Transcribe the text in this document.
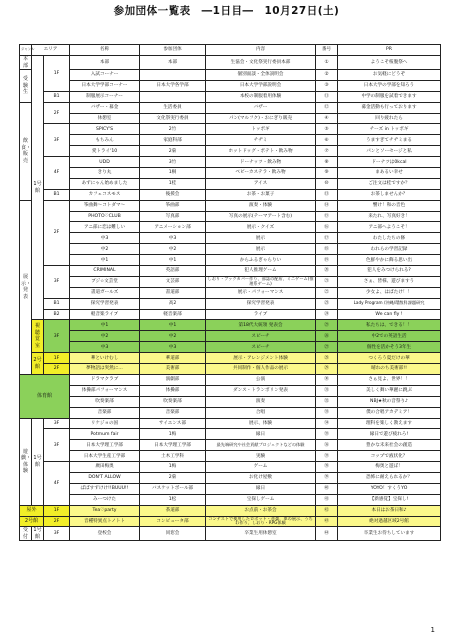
参加団体一覧表　―1日目―　10月27日(土)
ジャンル	エリア		名称	参加団体	内容	番号	PR
本部	1号館	1F	本部	本部	生協会・文化祭実行委員本部	①	ようこそ桜腹祭へ
受験生			入試コーナー		個別面談・全体説明会	②	お気軽にどうぞ
			日本大学学部コーナー	日本大学各学部	日本大学学部説明会	③	日本大学の学部を知ろう
		B1	制服展示コーナー		本校の制服着用体験	⑪	中学の制服を試着できます
飲食・販売		2F	バザー・募金	生活委員	バザー	⑫	募金活動も行っております
			休憩室	文化祭実行委員	パン(マルフク)・おにぎり販売	④	回り疲れたら
		3F	SPICY'S	2竹	トッポギ	⑤	チーズ in トッポギ
			もちみん	家庭科部	チヂミ	⑥	うますぎてチヂミまる
			愛トライ'10	2菊	ホットドッグ・ポテト・飲み物	⑦	パンとソーセージと私
		4F	UDD	3竹	ドーナッツ・飲み物	⑧	ドーナツは0kcal
			きり丸	1桐	ベビーカステラ・飲み物	⑨	まあるい幸せ
			あずにゃん始めました	1桂	アイス	⑩	ご注文は桂ですか？
		B1	カフェコスモス	後援会	お茶・お菓子	⑬	お茶しませんか？
展示・発表		2F	筝曲舞～コトダマ～	筝曲部	演奏・体験	⑭	響け！和の音色
			PHOTO♡CLUB	写真部	写真の展示(テーマアート含む)	⑮	来たれ、写真好き！
			アニ部に恋は難しい	アニメーション部	展示・クイズ	⑯	アニ部へようこそ！
			中3	中3	展示	⑰	わたしたちの修
			中2	中2	展示	⑱	われらの学習記録
			中1	中1	からふるぎゃらりい	⑲	色鮮やかに飾る思い出
		3F	CRIMINAL	英語部	犯人推理ゲーム	⑳	犯人をみつけられる?
			ブジ☆文芸堂	文芸部	しおり・ブックカバー作り、部誌の配布、ミニゲーム(推理系ゲーム)	㉑	さぁ、皆様、遊びますう
			書道ガールズ	書道部	展示・パフォーマンス	㉒	少女よ、はばたけ！！
		B1	探究学習発表	高2	探究学習発表	㉓	Lady Program /沖縄/環散科課題研究
		B2	軽音楽ライブ	軽音楽部	ライブ	㉔	We can fly !
	視聴覚室	3F	中1	中1	第18代大統領 発表会	㉕	私たちは、できる！！
			中2	中2	スピーチ	㉖	中2での英語生活
			中3	中3	スピーチ	㉗	個性を活かそう3年生
	2号館	1F	華といけむし	華道部	展示・アレンジメント体験	㉘	つくろう夏だけの華
		2F	夢物語は突然に…	美術部	共同制作・個人作品の展示	㉙	晴れのち美術部!!
体育館			ドラマクラブ	演劇部	公演	㉚	さぁ見よ、世界！！
			体操部パフォーマンス	体操部	ダンス・トランポリン発表	㉛	美しく舞い華麗に跳ぶ
			吹奏楽部	吹奏楽部	演奏	㉜	NBJ★秋の音祭り♪
			音楽部	音楽部	合唱	㉝	僕の合唱アカデミア！
遊戯・体験	1号館	3F	リケジョの国	サイエンス部	展示、体験	㉞	理科を楽しく教えます
		3F	Potmum fair	1梅	縁日	㉟	縁日で遊び疲れろ!
			日本大学理工学部	日本大学理工学部	最先端研究や社会貢献プロジェクトなどの体験	㊱	豊かな未来社会の創造
			日本大学生産工学部	土木工学科	実験	㊲	コップで液状化？
		4F	廣田梅奥	1梅	ゲーム	㊳	梅奥と遊ぼ！
			DON'T ALLOW	2菊	お化け屋敷	㊴	恐怖に耐えられるか？
			ぱばすずけけ!!BUUU!!	バスケットボール部	縁日	㊵	YOYO！すくうYO
			みーつけた	1松	宝探しゲーム	㊶	【新感覚】宝探し!
屋外		1F	Tea♡party	茶道部	お点前・お茶会	㊷	本日はお茶日和♪
2号館		2F	音種特異点トノトト	コンピュータ部	コンテストで使用したロボット・音楽、車の展示、うちわ作り、しおり・RPG体験	㊸	絶対過越区域2号館
受付	1号館	3F	登校会	同窓会	卒業生用休憩室	㊹	卒業生お待ちしています
1
